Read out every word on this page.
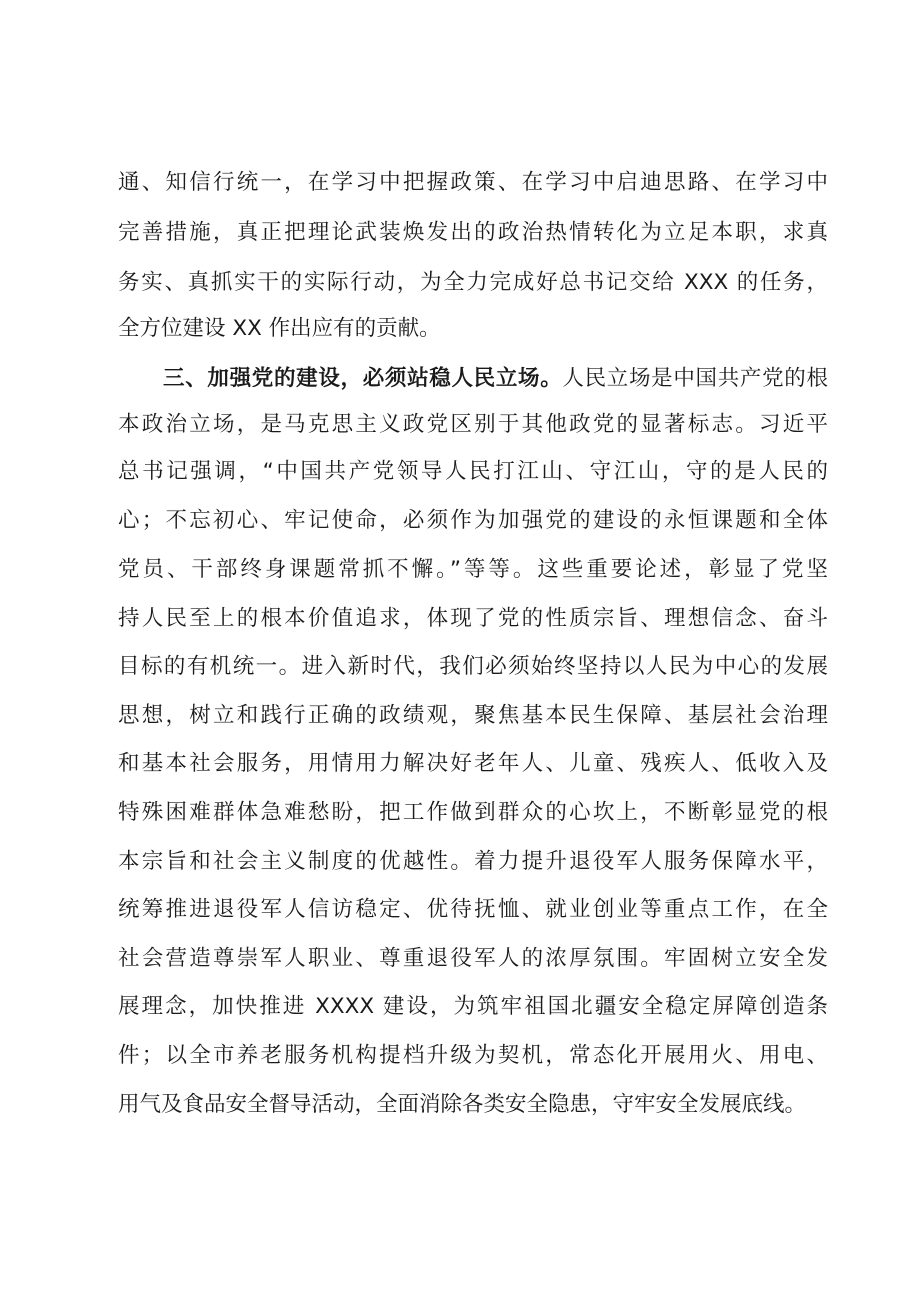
通、知信行统一，在学习中把握政策、在学习中启迪思路、在学习中
完善措施，真正把理论武装焕发出的政治热情转化为立足本职，求真
务实、真抓实干的实际行动，为全力完成好总书记交给 XXX 的任务，
全方位建设 XX 作出应有的贡献。
三、加强党的建设，必须站稳人民立场。人民立场是中国共产党的根
本政治立场，是马克思主义政党区别于其他政党的显著标志。习近平
总书记强调，“中国共产党领导人民打江山、守江山，守的是人民的
心；不忘初心、牢记使命，必须作为加强党的建设的永恒课题和全体
党员、干部终身课题常抓不懈。”等等。这些重要论述，彰显了党坚
持人民至上的根本价值追求，体现了党的性质宗旨、理想信念、奋斗
目标的有机统一。进入新时代，我们必须始终坚持以人民为中心的发展
思想，树立和践行正确的政绩观，聚焦基本民生保障、基层社会治理
和基本社会服务，用情用力解决好老年人、儿童、残疾人、低收入及
特殊困难群体急难愁盼，把工作做到群众的心坎上，不断彰显党的根
本宗旨和社会主义制度的优越性。着力提升退役军人服务保障水平，
统筹推进退役军人信访稳定、优待抚恤、就业创业等重点工作，在全
社会营造尊崇军人职业、尊重退役军人的浓厚氛围。牢固树立安全发
展理念，加快推进 XXXX 建设，为筑牢祖国北疆安全稳定屏障创造条
件；以全市养老服务机构提档升级为契机，常态化开展用火、用电、
用气及食品安全督导活动，全面消除各类安全隐患，守牢安全发展底线。
